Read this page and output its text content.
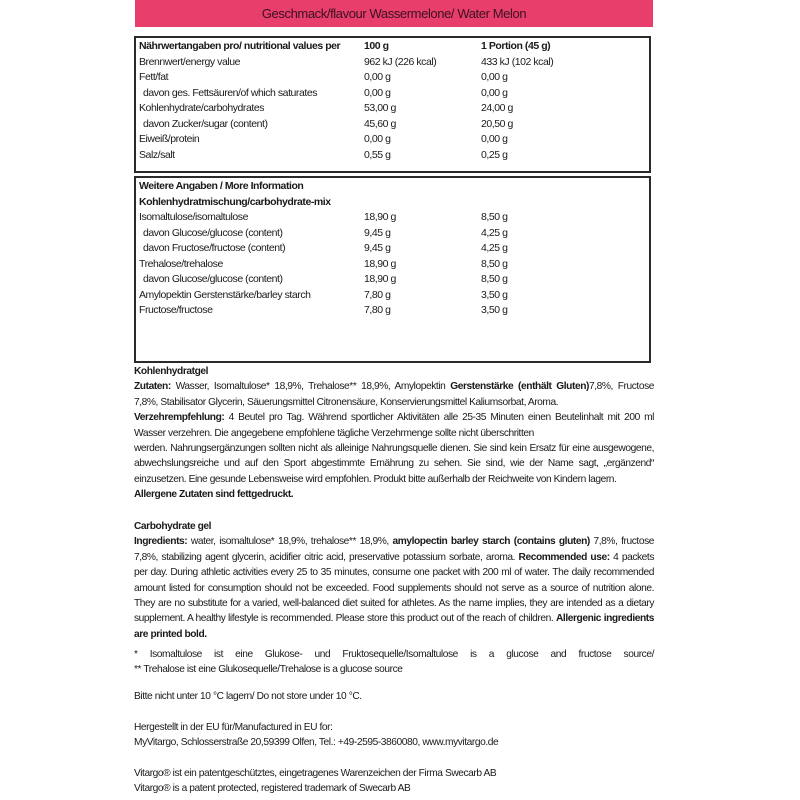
Geschmack/flavour Wassermelone/ Water Melon
Nährwertangaben pro/ nutritional values per 100 g	1 Portion (45 g)
Brennwert/energy value	962 kJ (226 kcal)	433 kJ (102 kcal)
Fett/fat	0,00 g	0,00 g
davon ges. Fettsäuren/of which saturates	0,00 g	0,00 g
Kohlenhydrate/carbohydrates	53,00 g	24,00 g
davon Zucker/sugar (content)	45,60 g	20,50 g
Eiweiß/protein	0,00 g	0,00 g
Salz/salt	0,55 g	0,25 g
Weitere Angaben / More Information
Kohlenhydratmischung/carbohydrate-mix
Isomaltulose/isomaltulose	18,90 g	8,50 g
davon Glucose/glucose (content)	9,45 g	4,25 g
davon Fructose/fructose (content)	9,45 g	4,25 g
Trehalose/trehalose	18,90 g	8,50 g
davon Glucose/glucose (content)	18,90 g	8,50 g
Amylopektin Gerstenstärke/barley starch	7,80 g	3,50 g
Fructose/fructose	7,80 g	3,50 g

Kohlenhydratgel

Zutaten: Wasser, Isomaltulose* 18,9%, Trehalose** 18,9%, Amylopektin Gerstenstärke (enthält Gluten)7,8%, Fructose 7,8%, Stabilisator Glycerin, Säuerungsmittel Citronensäure, Konservierungsmittel Kaliumsorbat, Aroma.

Verzehrempfehlung: 4 Beutel pro Tag. Während sportlicher Aktivitäten alle 25-35 Minuten einen Beutelinhalt mit 200 ml Wasser verzehren. Die angegebene empfohlene tägliche Verzehrmenge sollte nicht überschritten

werden. Nahrungsergänzungen sollten nicht als alleinige Nahrungsquelle dienen. Sie sind kein Ersatz für eine ausgewogene, abwechslungsreiche und auf den Sport abgestimmte Ernährung zu sehen. Sie sind, wie der Name sagt, „ergänzend“ einzusetzen. Eine gesunde Lebensweise wird empfohlen. Produkt bitte außerhalb der Reichweite von Kindern lagern.

Allergene Zutaten sind fettgedruckt.

Carbohydrate gel

Ingredients: water, isomaltulose* 18,9%, trehalose** 18,9%, amylopectin barley starch (contains gluten) 7,8%, fructose 7,8%, stabilizing agent glycerin, acidifier citric acid, preservative potassium sorbate, aroma. Recommended use: 4 packets per day. During athletic activities every 25 to 35 minutes, consume one packet with 200 ml of water. The daily recommended amount listed for consumption should not be exceeded. Food supplements should not serve as a source of nutrition alone. They are no substitute for a varied, well-balanced diet suited for athletes. As the name implies, they are intended as a dietary supplement. A healthy lifestyle is recommended. Please store this product out of the reach of children. Allergenic ingredients are printed bold.

* Isomaltulose ist eine Glukose- und Fruktosequelle/Isomaltulose is a glucose and fructose source/

** Trehalose ist eine Glukosequelle/Trehalose is a glucose source

Bitte nicht unter 10 °C lagern/ Do not store under 10 °C.

Hergestellt in der EU für/Manufactured in EU for:

MyVitargo, Schlosserstraße 20,59399 Olfen, Tel.: +49-2595-3860080, www.myvitargo.de

Vitargo® ist ein patentgeschütztes, eingetragenes Warenzeichen der Firma Swecarb AB

Vitargo® is a patent protected, registered trademark of Swecarb AB
